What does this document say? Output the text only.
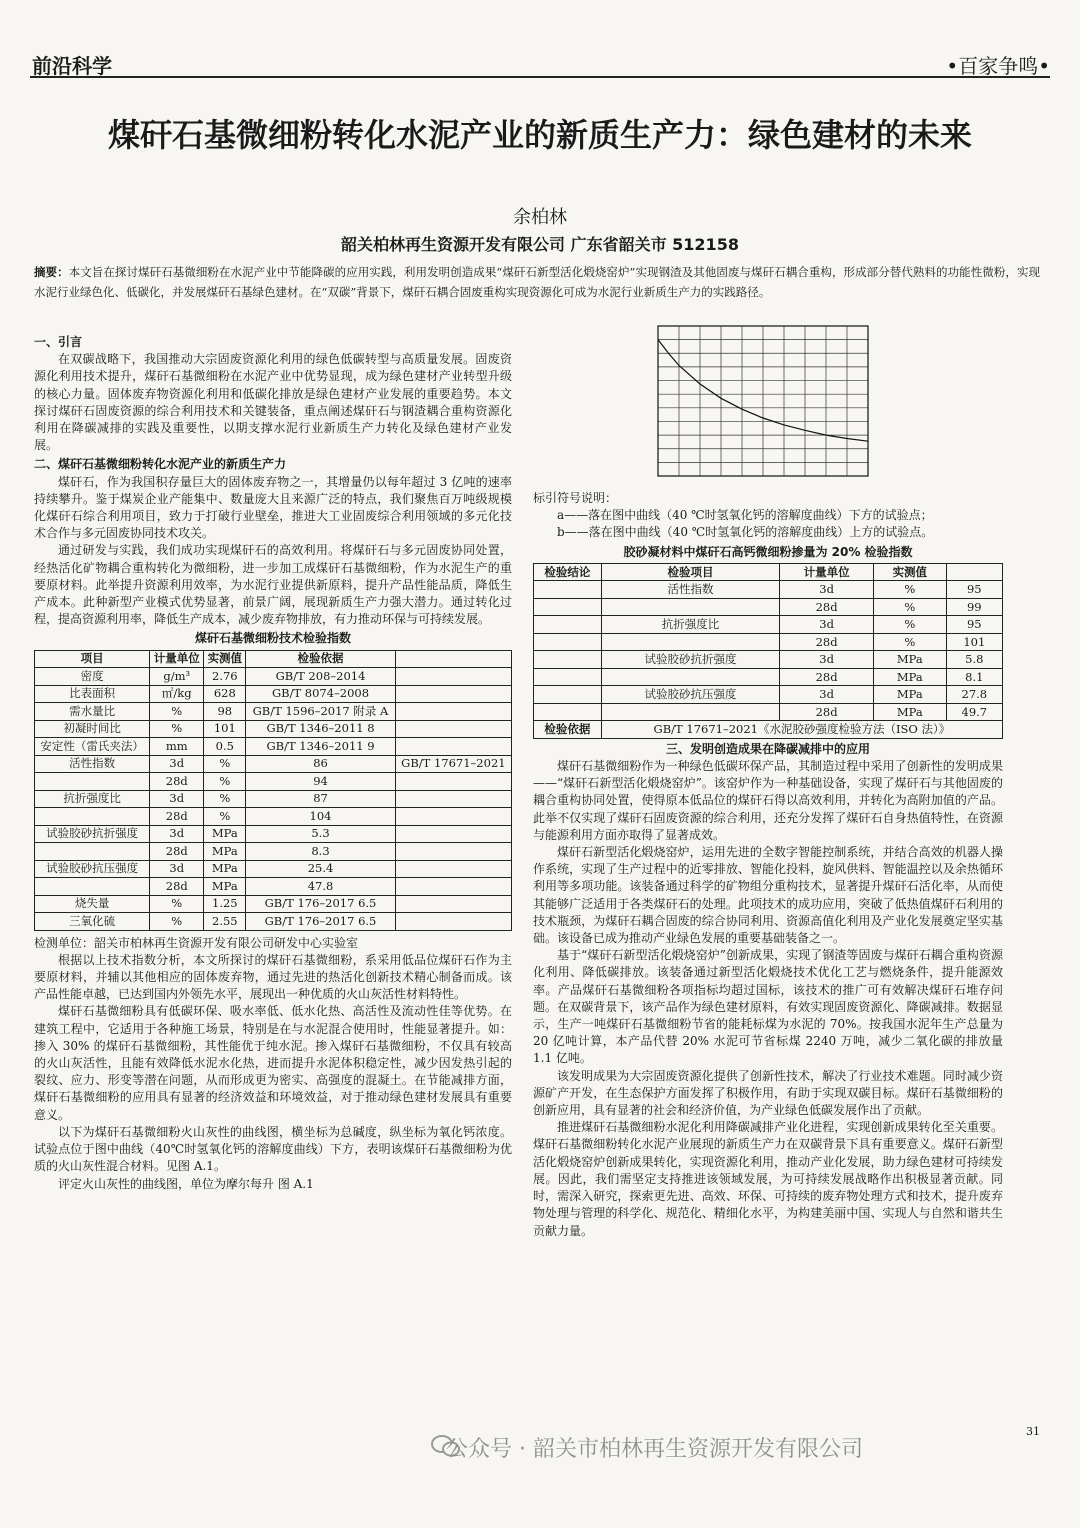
前沿科学	•百家争鸣•
煤矸石基微细粉转化水泥产业的新质生产力：绿色建材的未来
余柏林
韶关柏林再生资源开发有限公司 广东省韶关市 512158
摘要：本文旨在探讨煤矸石基微细粉在水泥产业中节能降碳的应用实践，利用发明创造成果“煤矸石新型活化煅烧窑炉”实现钢渣及其他固废与煤矸石耦合重构，形成部分替代熟料的功能性微粉，实现水泥行业绿色化、低碳化，并发展煤矸石基绿色建材。在“双碳”背景下，煤矸石耦合固废重构实现资源化可成为水泥行业新质生产力的实践路径。
一、引言

在双碳战略下，我国推动大宗固废资源化利用的绿色低碳转型与高质量发展。固废资源化利用技术提升，煤矸石基微细粉在水泥产业中优势显现，成为绿色建材产业转型升级的核心力量。固体废弃物资源化利用和低碳化排放是绿色建材产业发展的重要趋势。本文探讨煤矸石固废资源的综合利用技术和关键装备，重点阐述煤矸石与钢渣耦合重构资源化利用在降碳减排的实践及重要性，以期支撑水泥行业新质生产力转化及绿色建材产业发展。

二、煤矸石基微细粉转化水泥产业的新质生产力

煤矸石，作为我国积存量巨大的固体废弃物之一，其增量仍以每年超过 3 亿吨的速率持续攀升。鉴于煤炭企业产能集中、数量庞大且来源广泛的特点，我们聚焦百万吨级规模化煤矸石综合利用项目，致力于打破行业壁垒，推进大工业固废综合利用领域的多元化技术合作与多元固废协同技术攻关。

通过研发与实践，我们成功实现煤矸石的高效利用。将煤矸石与多元固废协同处置，经热活化矿物耦合重构转化为微细粉，进一步加工成煤矸石基微细粉，作为水泥生产的重要原材料。此举提升资源利用效率，为水泥行业提供新原料，提升产品性能品质，降低生产成本。此种新型产业模式优势显著，前景广阔，展现新质生产力强大潜力。通过转化过程，提高资源利用率，降低生产成本，减少废弃物排放，有力推动环保与可持续发展。

煤矸石基微细粉技术检验指数
项目	计量单位	实测值	检验依据	
密度	g/m³	2.76	GB/T 208–2014	
比表面积	㎡/kg	628	GB/T 8074–2008	
需水量比	%	98	GB/T 1596–2017 附录 A	
初凝时间比	%	101	GB/T 1346–2011 8	
安定性（雷氏夹法）	mm	0.5	GB/T 1346–2011 9	
活性指数	3d	%	86	GB/T 17671–2021
	28d	%	94	
抗折强度比	3d	%	87	
	28d	%	104	
试验胶砂抗折强度	3d	MPa	5.3	
	28d	MPa	8.3	
试验胶砂抗压强度	3d	MPa	25.4	
	28d	MPa	47.8	
烧失量	%	1.25	GB/T 176–2017 6.5	
三氧化硫	%	2.55	GB/T 176–2017 6.5	

检测单位：韶关市柏林再生资源开发有限公司研发中心实验室

根据以上技术指数分析，本文所探讨的煤矸石基微细粉，系采用低品位煤矸石作为主要原材料，并辅以其他相应的固体废弃物，通过先进的热活化创新技术精心制备而成。该产品性能卓越，已达到国内外领先水平，展现出一种优质的火山灰活性材料特性。

煤矸石基微细粉具有低碳环保、吸水率低、低水化热、高活性及流动性佳等优势。在建筑工程中，它适用于各种施工场景，特别是在与水泥混合使用时，性能显著提升。如：掺入 30% 的煤矸石基微细粉，其性能优于纯水泥。掺入煤矸石基微细粉，不仅具有较高的火山灰活性，且能有效降低水泥水化热，进而提升水泥体积稳定性，减少因发热引起的裂纹、应力、形变等潜在问题，从而形成更为密实、高强度的混凝土。在节能减排方面，煤矸石基微细粉的应用具有显著的经济效益和环境效益，对于推动绿色建材发展具有重要意义。

以下为煤矸石基微细粉火山灰性的曲线图，横坐标为总碱度，纵坐标为氧化钙浓度。试验点位于图中曲线（40℃时氢氧化钙的溶解度曲线）下方，表明该煤矸石基微细粉为优质的火山灰性混合材料。见图 A.1。

评定火山灰性的曲线图，单位为摩尔每升 图 A.1

标引符号说明：

a——落在图中曲线（40 ℃时氢氧化钙的溶解度曲线）下方的试验点；

b——落在图中曲线（40 ℃时氢氧化钙的溶解度曲线）上方的试验点。

胶砂凝材料中煤矸石高钙微细粉掺量为 20% 检验指数
检验结论	检验项目	计量单位	实测值	
	活性指数	3d	%	95
		28d	%	99
	抗折强度比	3d	%	95
		28d	%	101
	试验胶砂抗折强度	3d	MPa	5.8
		28d	MPa	8.1
	试验胶砂抗压强度	3d	MPa	27.8
		28d	MPa	49.7
检验依据	GB/T 17671–2021《水泥胶砂强度检验方法（ISO 法）》			
三、发明创造成果在降碳减排中的应用

煤矸石基微细粉作为一种绿色低碳环保产品，其制造过程中采用了创新性的发明成果——“煤矸石新型活化煅烧窑炉”。该窑炉作为一种基础设备，实现了煤矸石与其他固废的耦合重构协同处置，使得原本低品位的煤矸石得以高效利用，并转化为高附加值的产品。此举不仅实现了煤矸石固废资源的综合利用，还充分发挥了煤矸石自身热值特性，在资源与能源利用方面亦取得了显著成效。

煤矸石新型活化煅烧窑炉，运用先进的全数字智能控制系统，并结合高效的机器人操作系统，实现了生产过程中的近零排放、智能化投料，旋风供料、智能温控以及余热循环利用等多项功能。该装备通过科学的矿物组分重构技术，显著提升煤矸石活化率，从而使其能够广泛适用于各类煤矸石的处理。此项技术的成功应用，突破了低热值煤矸石利用的技术瓶颈，为煤矸石耦合固废的综合协同利用、资源高值化利用及产业化发展奠定坚实基础。该设备已成为推动产业绿色发展的重要基础装备之一。

基于“煤矸石新型活化煅烧窑炉”创新成果，实现了钢渣等固废与煤矸石耦合重构资源化利用、降低碳排放。该装备通过新型活化煅烧技术优化工艺与燃烧条件，提升能源效率。产品煤矸石基微细粉各项指标均超过国标，该技术的推广可有效解决煤矸石堆存问题。在双碳背景下，该产品作为绿色建材原料，有效实现固废资源化、降碳减排。数据显示，生产一吨煤矸石基微细粉节省的能耗标煤为水泥的 70%。按我国水泥年生产总量为 20 亿吨计算，本产品代替 20% 水泥可节省标煤 2240 万吨，减少二氧化碳的排放量 1.1 亿吨。

该发明成果为大宗固废资源化提供了创新性技术，解决了行业技术难题。同时减少资源矿产开发，在生态保护方面发挥了积极作用，有助于实现双碳目标。煤矸石基微细粉的创新应用，具有显著的社会和经济价值，为产业绿色低碳发展作出了贡献。

推进煤矸石基微细粉水泥化利用降碳减排产业化进程，实现创新成果转化至关重要。煤矸石基微细粉转化水泥产业展现的新质生产力在双碳背景下具有重要意义。煤矸石新型活化煅烧窑炉创新成果转化，实现资源化利用，推动产业化发展，助力绿色建材可持续发展。因此，我们需坚定支持推进该领域发展，为可持续发展战略作出积极显著贡献。同时，需深入研究，探索更先进、高效、环保、可持续的废弃物处理方式和技术，提升废弃物处理与管理的科学化、规范化、精细化水平，为构建美丽中国、实现人与自然和谐共生贡献力量。

公众号 · 韶关市柏林再生资源开发有限公司
31
